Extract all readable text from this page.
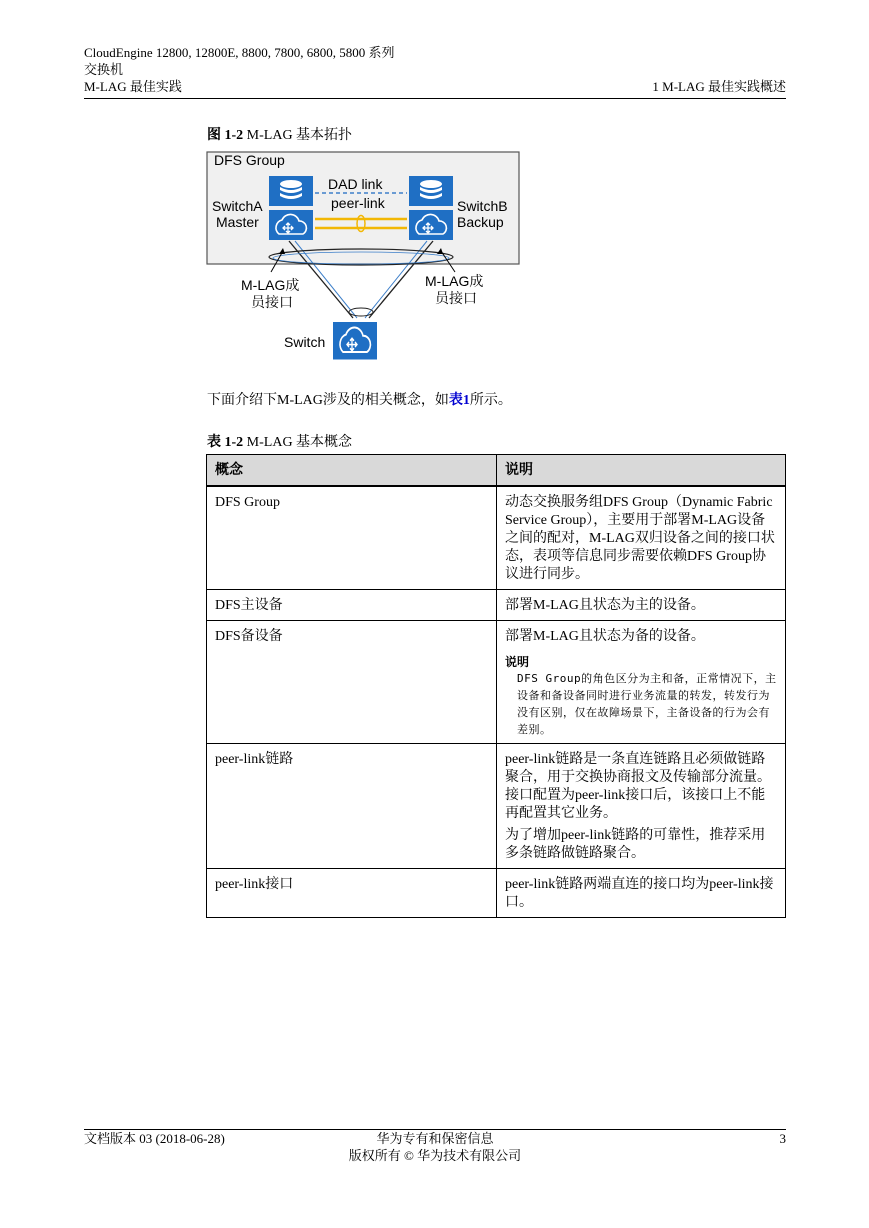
CloudEngine 12800, 12800E, 8800, 7800, 6800, 5800 系列
交换机
M-LAG 最佳实践	1 M-LAG 最佳实践概述
图 1-2 M-LAG 基本拓扑
DFS Group
SwitchA
Master
SwitchB
Backup
DAD link
peer-link
M-LAG成
员接口
M-LAG成
员接口
Switch
下面介绍下M-LAG涉及的相关概念，如表1所示。
表 1-2 M-LAG 基本概念
概念	说明
DFS Group	动态交换服务组DFS Group（Dynamic Fabric Service Group），主要用于部署M-LAG设备之间的配对，M-LAG双归设备之间的接口状态，表项等信息同步需要依赖DFS Group协议进行同步。

DFS主设备	部署M-LAG且状态为主的设备。

DFS备设备	部署M-LAG且状态为备的设备。

说明
DFS Group的角色区分为主和备，正常情况下，主设备和备设备同时进行业务流量的转发，转发行为没有区别，仅在故障场景下，主备设备的行为会有差别。

peer-link链路	peer-link链路是一条直连链路且必须做链路聚合，用于交换协商报文及传输部分流量。接口配置为peer-link接口后，该接口上不能再配置其它业务。

为了增加peer-link链路的可靠性，推荐采用多条链路做链路聚合。

peer-link接口	peer-link链路两端直连的接口均为peer-link接口。

文档版本 03 (2018-06-28)	华为专有和保密信息
版权所有 © 华为技术有限公司
3
